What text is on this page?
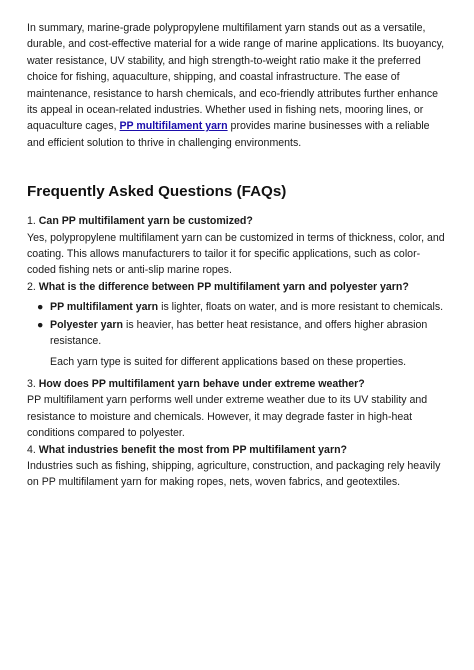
In summary, marine-grade polypropylene multifilament yarn stands out as a versatile, durable, and cost-effective material for a wide range of marine applications. Its buoyancy, water resistance, UV stability, and high strength-to-weight ratio make it the preferred choice for fishing, aquaculture, shipping, and coastal infrastructure. The ease of maintenance, resistance to harsh chemicals, and eco-friendly attributes further enhance its appeal in ocean-related industries. Whether used in fishing nets, mooring lines, or aquaculture cages, PP multifilament yarn provides marine businesses with a reliable and efficient solution to thrive in challenging environments.

Frequently Asked Questions (FAQs)

1. Can PP multifilament yarn be customized?

Yes, polypropylene multifilament yarn can be customized in terms of thickness, color, and coating. This allows manufacturers to tailor it for specific applications, such as color-coded fishing nets or anti-slip marine ropes.

2. What is the difference between PP multifilament yarn and polyester yarn?

● PP multifilament yarn is lighter, floats on water, and is more resistant to chemicals.
● Polyester yarn is heavier, has better heat resistance, and offers higher abrasion resistance.

Each yarn type is suited for different applications based on these properties.

3. How does PP multifilament yarn behave under extreme weather?

PP multifilament yarn performs well under extreme weather due to its UV stability and resistance to moisture and chemicals. However, it may degrade faster in high-heat conditions compared to polyester.

4. What industries benefit the most from PP multifilament yarn?

Industries such as fishing, shipping, agriculture, construction, and packaging rely heavily on PP multifilament yarn for making ropes, nets, woven fabrics, and geotextiles.
